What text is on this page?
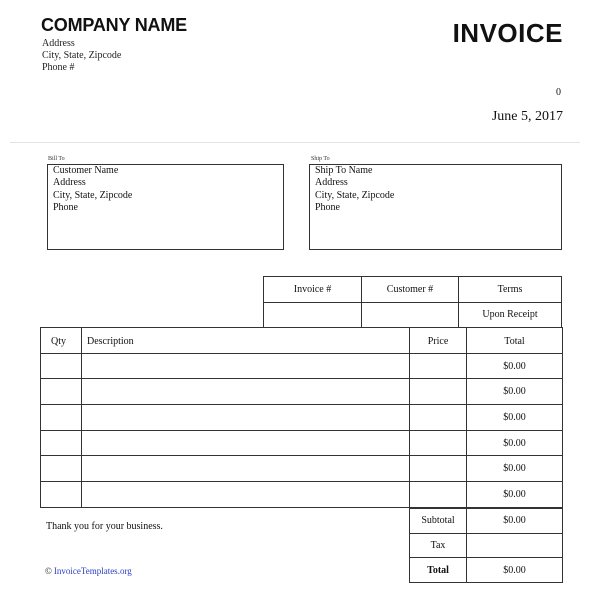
COMPANY NAME
Address
City, State, Zipcode
Phone #
INVOICE
0
June 5, 2017
Bill To
Customer Name
Address
City, State, Zipcode
Phone
Ship To
Ship To Name
Address
City, State, Zipcode
Phone
Invoice #	Customer #	Terms
		Upon Receipt
Qty	Description	Price	Total
			$0.00
			$0.00
			$0.00
			$0.00
			$0.00
			$0.00
Subtotal	$0.00
Tax	
Total	$0.00
Thank you for your business.
© InvoiceTemplates.org
